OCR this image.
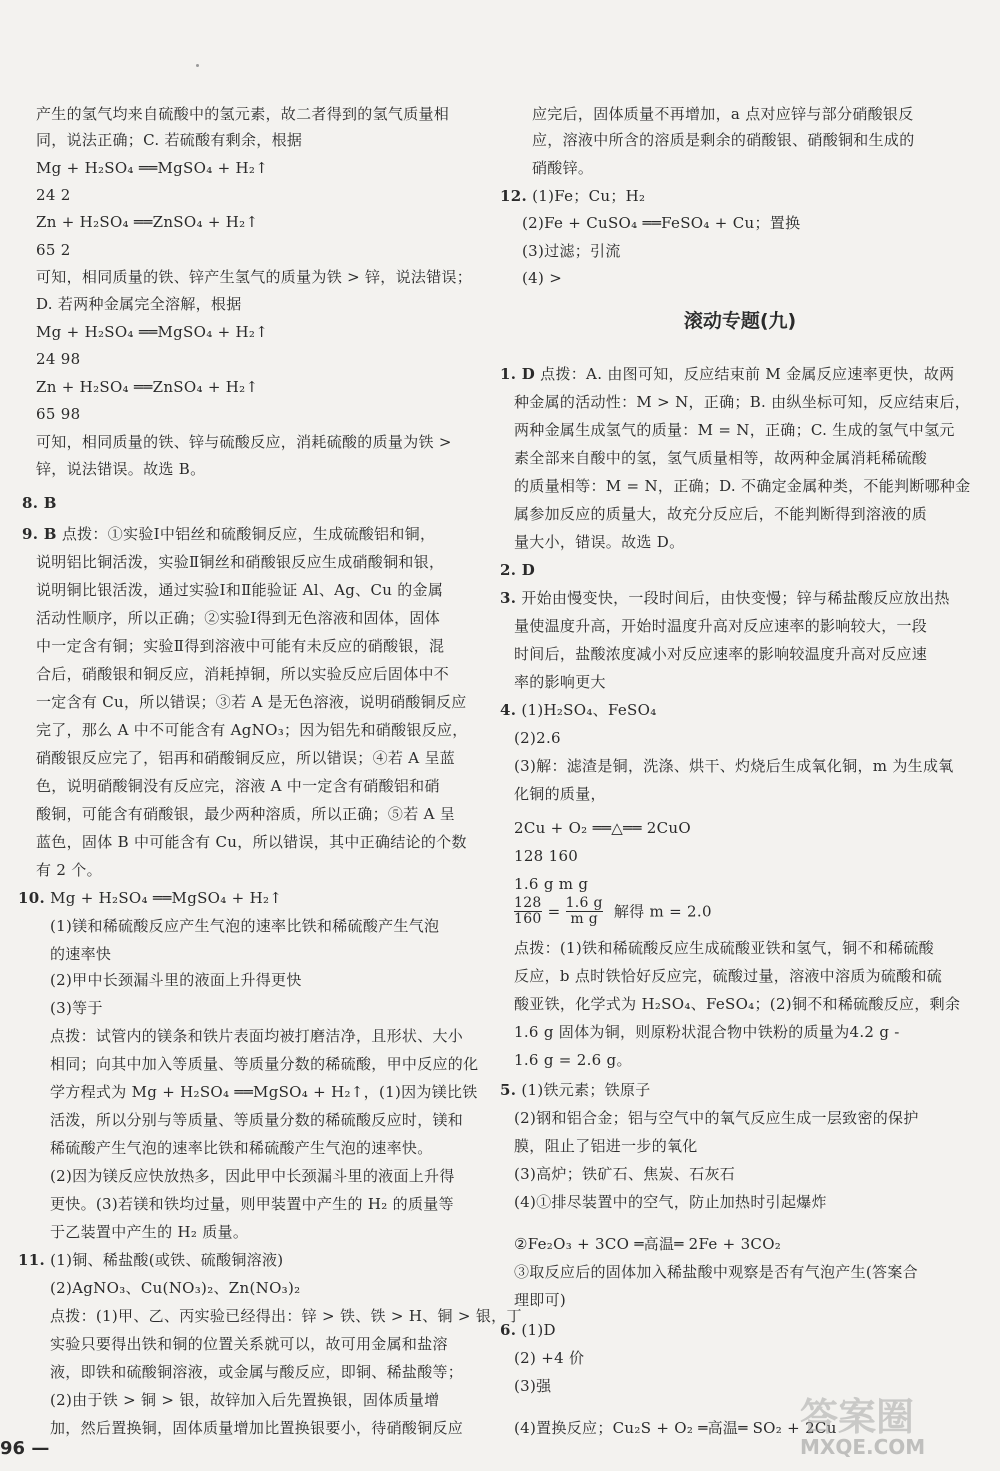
产生的氢气均来自硫酸中的氢元素，故二者得到的氢气质量相
同，说法正确；C. 若硫酸有剩余，根据
Mg + H₂SO₄ ══MgSO₄ + H₂↑
24 2
Zn + H₂SO₄ ══ZnSO₄ + H₂↑
65 2
可知，相同质量的铁、锌产生氢气的质量为铁 > 锌，说法错误；
D. 若两种金属完全溶解，根据
Mg + H₂SO₄ ══MgSO₄ + H₂↑
24 98
Zn + H₂SO₄ ══ZnSO₄ + H₂↑
65 98
可知，相同质量的铁、锌与硫酸反应，消耗硫酸的质量为铁 >
锌，说法错误。故选 B。
8. B
9. B 点拨：①实验Ⅰ中铝丝和硫酸铜反应，生成硫酸铝和铜，
说明铝比铜活泼，实验Ⅱ铜丝和硝酸银反应生成硝酸铜和银，
说明铜比银活泼，通过实验Ⅰ和Ⅱ能验证 Al、Ag、Cu 的金属
活动性顺序，所以正确；②实验Ⅰ得到无色溶液和固体，固体
中一定含有铜；实验Ⅱ得到溶液中可能有未反应的硝酸银，混
合后，硝酸银和铜反应，消耗掉铜，所以实验反应后固体中不
一定含有 Cu，所以错误；③若 A 是无色溶液，说明硝酸铜反应
完了，那么 A 中不可能含有 AgNO₃；因为铝先和硝酸银反应，
硝酸银反应完了，铝再和硝酸铜反应，所以错误；④若 A 呈蓝
色，说明硝酸铜没有反应完，溶液 A 中一定含有硝酸铝和硝
酸铜，可能含有硝酸银，最少两种溶质，所以正确；⑤若 A 呈
蓝色，固体 B 中可能含有 Cu，所以错误，其中正确结论的个数
有 2 个。
10. Mg + H₂SO₄ ══MgSO₄ + H₂↑
(1)镁和稀硫酸反应产生气泡的速率比铁和稀硫酸产生气泡
的速率快
(2)甲中长颈漏斗里的液面上升得更快
(3)等于
点拨：试管内的镁条和铁片表面均被打磨洁净，且形状、大小
相同；向其中加入等质量、等质量分数的稀硫酸，甲中反应的化
学方程式为 Mg + H₂SO₄ ══MgSO₄ + H₂↑，(1)因为镁比铁
活泼，所以分别与等质量、等质量分数的稀硫酸反应时，镁和
稀硫酸产生气泡的速率比铁和稀硫酸产生气泡的速率快。
(2)因为镁反应快放热多，因此甲中长颈漏斗里的液面上升得
更快。(3)若镁和铁均过量，则甲装置中产生的 H₂ 的质量等
于乙装置中产生的 H₂ 质量。
11. (1)铜、稀盐酸(或铁、硫酸铜溶液)
(2)AgNO₃、Cu(NO₃)₂、Zn(NO₃)₂
点拨：(1)甲、乙、丙实验已经得出：锌 > 铁、铁 > H、铜 > 银，丁
实验只要得出铁和铜的位置关系就可以，故可用金属和盐溶
液，即铁和硫酸铜溶液，或金属与酸反应，即铜、稀盐酸等；
(2)由于铁 > 铜 > 银，故锌加入后先置换银，固体质量增
加，然后置换铜，固体质量增加比置换银要小，待硝酸铜反应
滚动专题(九)
$\frac{128}{160} = \frac{1.6 g}{\text{m g}}$ 解得 m = 2.0
应完后，固体质量不再增加，a 点对应锌与部分硝酸银反
应，溶液中所含的溶质是剩余的硝酸银、硝酸铜和生成的
硝酸锌。
12. (1)Fe；Cu；H₂
(2)Fe + CuSO₄ ══FeSO₄ + Cu；置换
(3)过滤；引流
(4) >
1. D 点拨：A. 由图可知，反应结束前 M 金属反应速率更快，故两
种金属的活动性：M > N，正确；B. 由纵坐标可知，反应结束后，
两种金属生成氢气的质量：M = N，正确；C. 生成的氢气中氢元
素全部来自酸中的氢，氢气质量相等，故两种金属消耗稀硫酸
的质量相等：M = N，正确；D. 不确定金属种类，不能判断哪种金
属参加反应的质量大，故充分反应后，不能判断得到溶液的质
量大小，错误。故选 D。
2. D
3. 开始由慢变快，一段时间后，由快变慢；锌与稀盐酸反应放出热
量使温度升高，开始时温度升高对反应速率的影响较大，一段
时间后，盐酸浓度减小对反应速率的影响较温度升高对反应速
率的影响更大
4. (1)H₂SO₄、FeSO₄
(2)2.6
(3)解：滤渣是铜，洗涤、烘干、灼烧后生成氧化铜，m 为生成氧
化铜的质量，
2Cu + O₂ ══△══ 2CuO
128 160
1.6 g m g
点拨：(1)铁和稀硫酸反应生成硫酸亚铁和氢气，铜不和稀硫酸
反应，b 点时铁恰好反应完，硫酸过量，溶液中溶质为硫酸和硫
酸亚铁，化学式为 H₂SO₄、FeSO₄；(2)铜不和稀硫酸反应，剩余
1.6 g 固体为铜，则原粉状混合物中铁粉的质量为4.2 g -
1.6 g = 2.6 g。
5. (1)铁元素；铁原子
(2)钢和铝合金；铝与空气中的氧气反应生成一层致密的保护
膜，阻止了铝进一步的氧化
(3)高炉；铁矿石、焦炭、石灰石
(4)①排尽装置中的空气，防止加热时引起爆炸
②Fe₂O₃ + 3CO ═高温═ 2Fe + 3CO₂
③取反应后的固体加入稀盐酸中观察是否有气泡产生(答案合
理即可)
6. (1)D
(2) +4 价
(3)强
(4)置换反应；Cu₂S + O₂ ═高温═ SO₂ + 2Cu
96 —
答案圈
MXQE.COM
